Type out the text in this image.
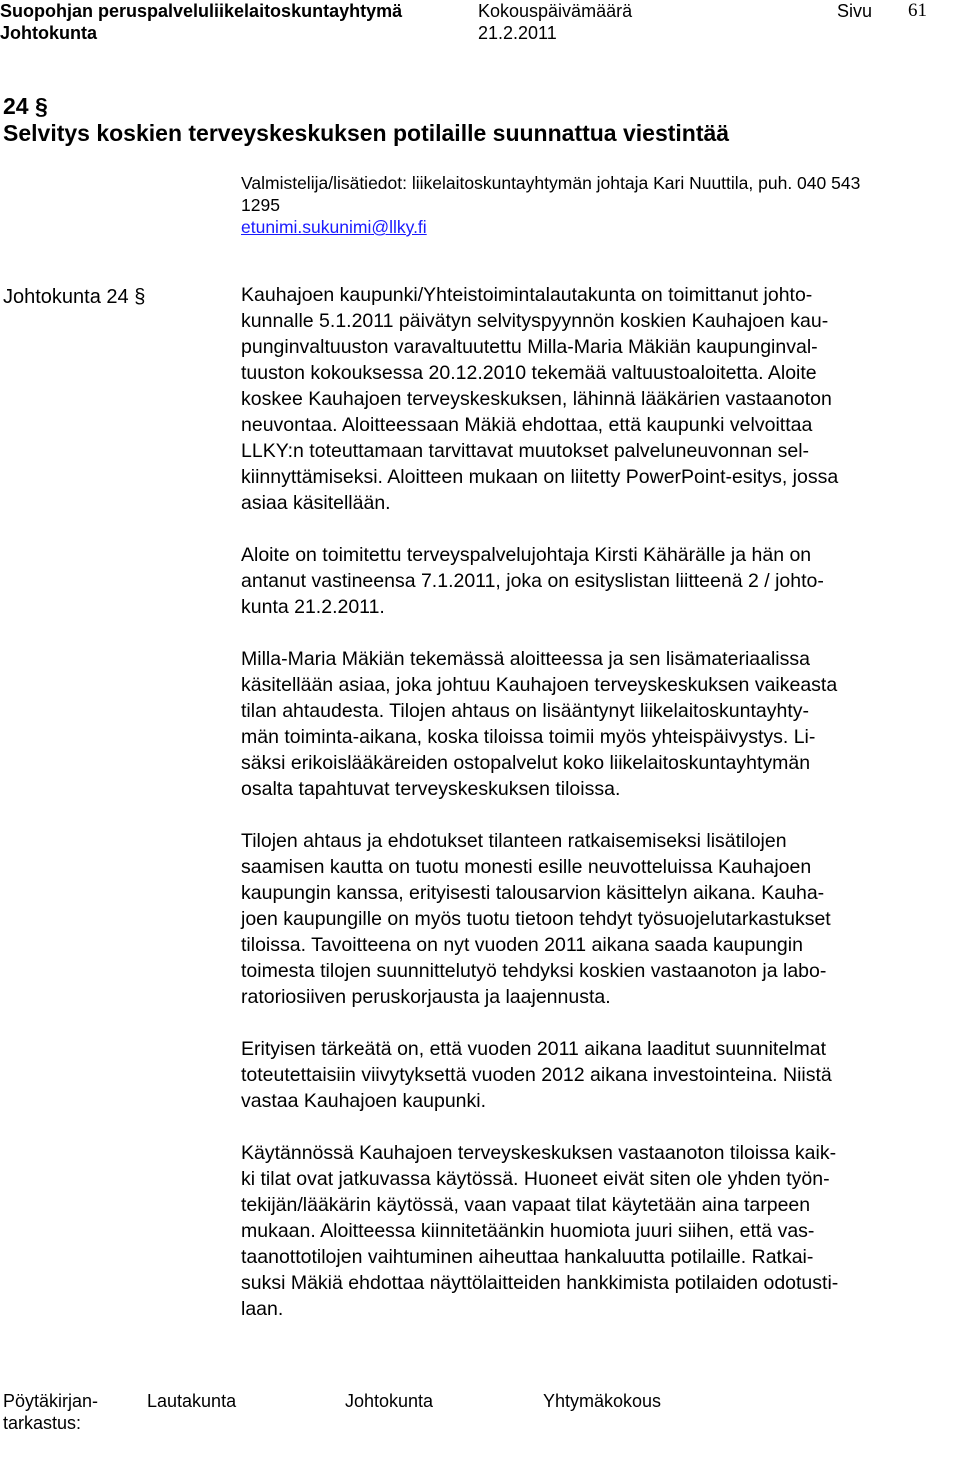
Suopohjan peruspalveluliikelaitoskuntayhtymä
Johtokunta
Kokouspäivämäärä
21.2.2011
Sivu 61
24 §
Selvitys koskien terveyskeskuksen potilaille suunnattua viestintää
Valmistelija/lisätiedot: liikelaitoskuntayhtymän johtaja Kari Nuuttila, puh. 040 543
1295
etunimi.sukunimi@llky.fi
Johtokunta 24 §	Kauhajoen kaupunki/Yhteistoimintalautakunta on toimittanut johto-
kunnalle 5.1.2011 päivätyn selvityspyynnön koskien Kauhajoen kau-
punginvaltuuston varavaltuutettu Milla-Maria Mäkiän kaupunginval-
tuuston kokouksessa 20.12.2010 tekemää valtuustoaloitetta. Aloite
koskee Kauhajoen terveyskeskuksen, lähinnä lääkärien vastaanoton
neuvontaa. Aloitteessaan Mäkiä ehdottaa, että kaupunki velvoittaa
LLKY:n toteuttamaan tarvittavat muutokset palveluneuvonnan sel-
kiinnyttämiseksi. Aloitteen mukaan on liitetty PowerPoint-esitys, jossa
asiaa käsitellään.
Aloite on toimitettu terveyspalvelujohtaja Kirsti Kähärälle ja hän on
antanut vastineensa 7.1.2011, joka on esityslistan liitteenä 2 / johto-
kunta 21.2.2011.
Milla-Maria Mäkiän tekemässä aloitteessa ja sen lisämateriaalissa
käsitellään asiaa, joka johtuu Kauhajoen terveyskeskuksen vaikeasta
tilan ahtaudesta. Tilojen ahtaus on lisääntynyt liikelaitoskuntayhty-
män toiminta-aikana, koska tiloissa toimii myös yhteispäivystys. Li-
säksi erikoislääkäreiden ostopalvelut koko liikelaitoskuntayhtymän
osalta tapahtuvat terveyskeskuksen tiloissa.
Tilojen ahtaus ja ehdotukset tilanteen ratkaisemiseksi lisätilojen
saamisen kautta on tuotu monesti esille neuvotteluissa Kauhajoen
kaupungin kanssa, erityisesti talousarvion käsittelyn aikana. Kauha-
joen kaupungille on myös tuotu tietoon tehdyt työsuojelutarkastukset
tiloissa. Tavoitteena on nyt vuoden 2011 aikana saada kaupungin
toimesta tilojen suunnittelutyö tehdyksi koskien vastaanoton ja labo-
ratoriosiiven peruskorjausta ja laajennusta.
Erityisen tärkeätä on, että vuoden 2011 aikana laaditut suunnitelmat
toteutettaisiin viivytyksettä vuoden 2012 aikana investointeina. Niistä
vastaa Kauhajoen kaupunki.
Käytännössä Kauhajoen terveyskeskuksen vastaanoton tiloissa kaik-
ki tilat ovat jatkuvassa käytössä. Huoneet eivät siten ole yhden työn-
tekijän/lääkärin käytössä, vaan vapaat tilat käytetään aina tarpeen
mukaan. Aloitteessa kiinnitetäänkin huomiota juuri siihen, että vas-
taanottotilojen vaihtuminen aiheuttaa hankaluutta potilaille. Ratkai-
suksi Mäkiä ehdottaa näyttölaitteiden hankkimista potilaiden odotusti-
laan.
Pöytäkirjan-
tarkastus:
Lautakunta	Johtokunta	Yhtymäkokous
